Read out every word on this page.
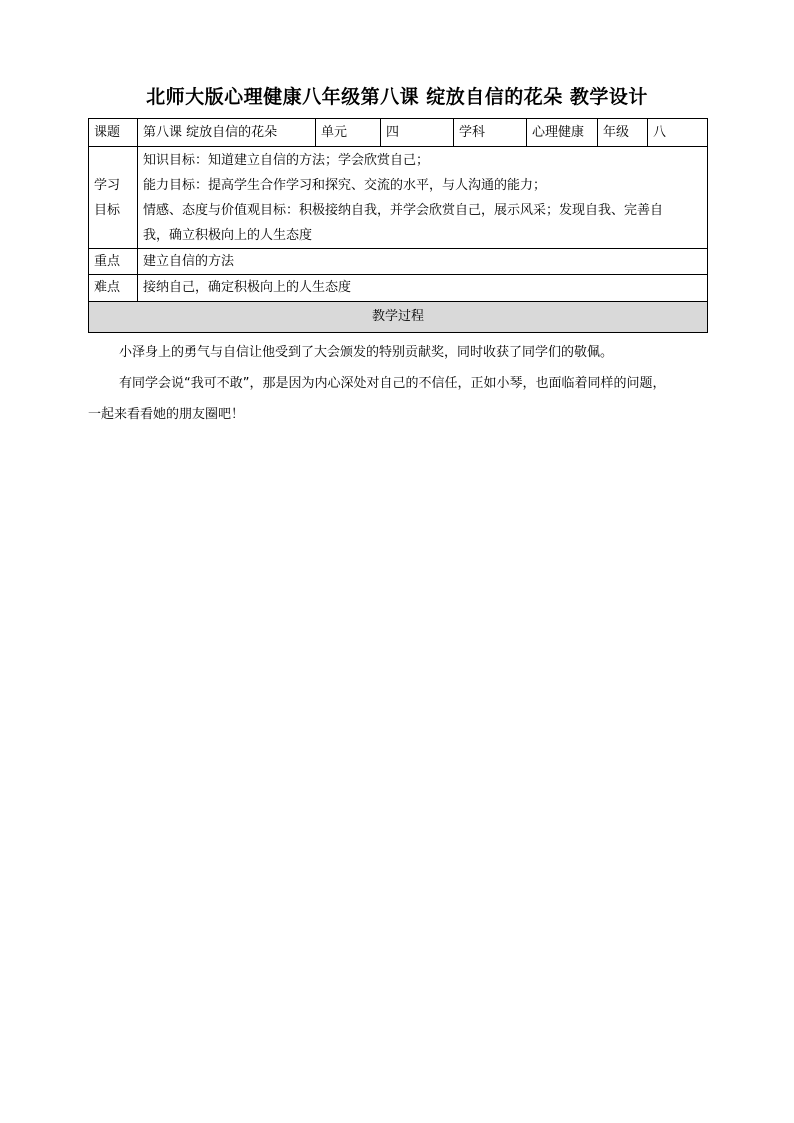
北师大版心理健康八年级第八课 绽放自信的花朵 教学设计
课题	第八课 绽放自信的花朵	单元	四	学科	心理健康	年级	八

学习
目标	知识目标：知道建立自信的方法；学会欣赏自己；
能力目标：提高学生合作学习和探究、交流的水平，与人沟通的能力；
情感、态度与价值观目标：积极接纳自我，并学会欣赏自己，展示风采；发现自我、完善自
我，确立积极向上的人生态度						

重点	建立自信的方法						
难点	接纳自己，确定积极向上的人生态度						
教学过程							
小泽身上的勇气与自信让他受到了大会颁发的特别贡献奖，同时收获了同学们的敬佩。
有同学会说“我可不敢”，那是因为内心深处对自己的不信任，正如小琴，也面临着同样的问题，
一起来看看她的朋友圈吧！
